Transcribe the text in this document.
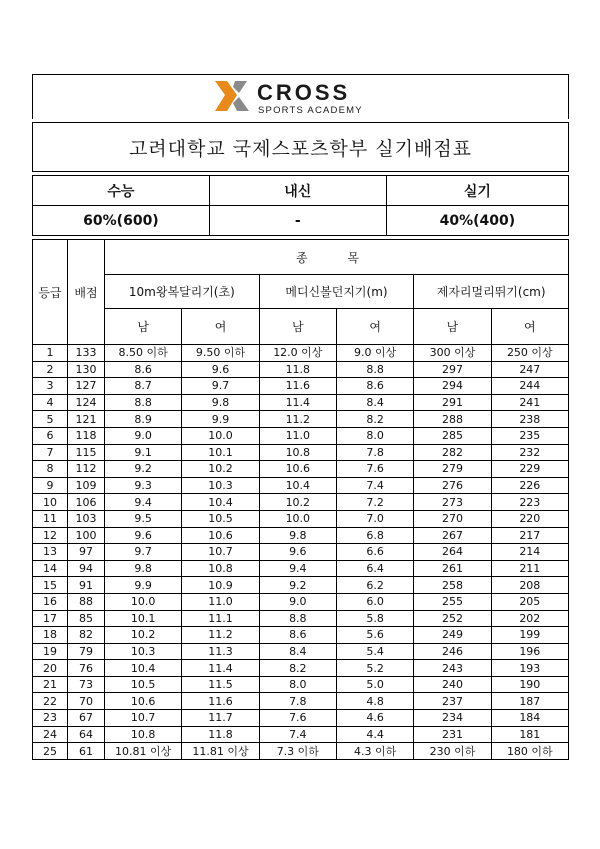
CROSS
SPORTS ACADEMY
고려대학교 국제스포츠학부 실기배점표
수능	내신	실기
60%(600)	-	40%(400)
등급	배점	종 목					
		10m왕복달리기(초)		메디신볼던지기(m)		제자리멀리뛰기(cm)	
		남	여	남	여	남	여
1	133	8.50 이하	9.50 이하	12.0 이상	9.0 이상	300 이상	250 이상
2	130	8.6	9.6	11.8	8.8	297	247
3	127	8.7	9.7	11.6	8.6	294	244
4	124	8.8	9.8	11.4	8.4	291	241
5	121	8.9	9.9	11.2	8.2	288	238
6	118	9.0	10.0	11.0	8.0	285	235
7	115	9.1	10.1	10.8	7.8	282	232
8	112	9.2	10.2	10.6	7.6	279	229
9	109	9.3	10.3	10.4	7.4	276	226
10	106	9.4	10.4	10.2	7.2	273	223
11	103	9.5	10.5	10.0	7.0	270	220
12	100	9.6	10.6	9.8	6.8	267	217
13	97	9.7	10.7	9.6	6.6	264	214
14	94	9.8	10.8	9.4	6.4	261	211
15	91	9.9	10.9	9.2	6.2	258	208
16	88	10.0	11.0	9.0	6.0	255	205
17	85	10.1	11.1	8.8	5.8	252	202
18	82	10.2	11.2	8.6	5.6	249	199
19	79	10.3	11.3	8.4	5.4	246	196
20	76	10.4	11.4	8.2	5.2	243	193
21	73	10.5	11.5	8.0	5.0	240	190
22	70	10.6	11.6	7.8	4.8	237	187
23	67	10.7	11.7	7.6	4.6	234	184
24	64	10.8	11.8	7.4	4.4	231	181
25	61	10.81 이상	11.81 이상	7.3 이하	4.3 이하	230 이하	180 이하
